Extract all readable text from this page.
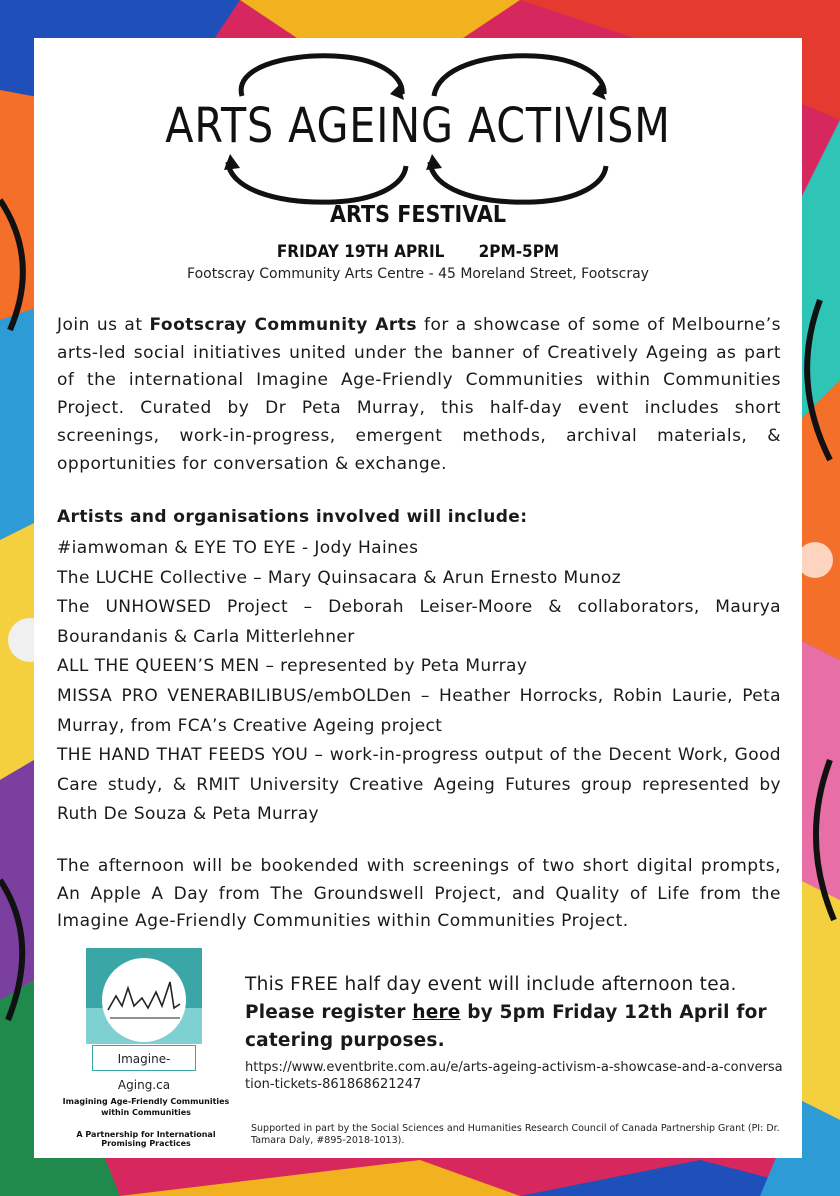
ARTS AGEING ACTIVISM
ARTS FESTIVAL
FRIDAY 19TH APRIL 2PM-5PM
Footscray Community Arts Centre - 45 Moreland Street, Footscray

Join us at Footscray Community Arts for a showcase of some of Melbourne’s arts-led social initiatives united under the banner of Creatively Ageing as part of the international Imagine Age-Friendly Communities within Communities Project. Curated by Dr Peta Murray, this half-day event includes short screenings, work-in-progress, emergent methods, archival materials, & opportunities for conversation & exchange.

Artists and organisations involved will include:
#iamwoman & EYE TO EYE - Jody Haines
The LUCHE Collective – Mary Quinsacara & Arun Ernesto Munoz
The UNHOWSED Project – Deborah Leiser-Moore & collaborators, Maurya Bourandanis & Carla Mitterlehner
ALL THE QUEEN’S MEN – represented by Peta Murray
MISSA PRO VENERABILIBUS/embOLDen – Heather Horrocks, Robin Laurie, Peta Murray, from FCA’s Creative Ageing project
THE HAND THAT FEEDS YOU – work-in-progress output of the Decent Work, Good Care study, & RMIT University Creative Ageing Futures group represented by Ruth De Souza & Peta Murray

The afternoon will be bookended with screenings of two short digital prompts, An Apple A Day from The Groundswell Project, and Quality of Life from the Imagine Age-Friendly Communities within Communities Project.

Imagine-Aging.ca
Imagining Age-Friendly Communities within Communities
A Partnership for International Promising Practices
This FREE half day event will include afternoon tea.
Please register here by 5pm Friday 12th April for catering purposes.
https://www.eventbrite.com.au/e/arts-ageing-activism-a-showcase-and-a-conversation-tickets-861868621247
Supported in part by the Social Sciences and Humanities Research Council of Canada Partnership Grant (PI: Dr. Tamara Daly, #895-2018-1013).
